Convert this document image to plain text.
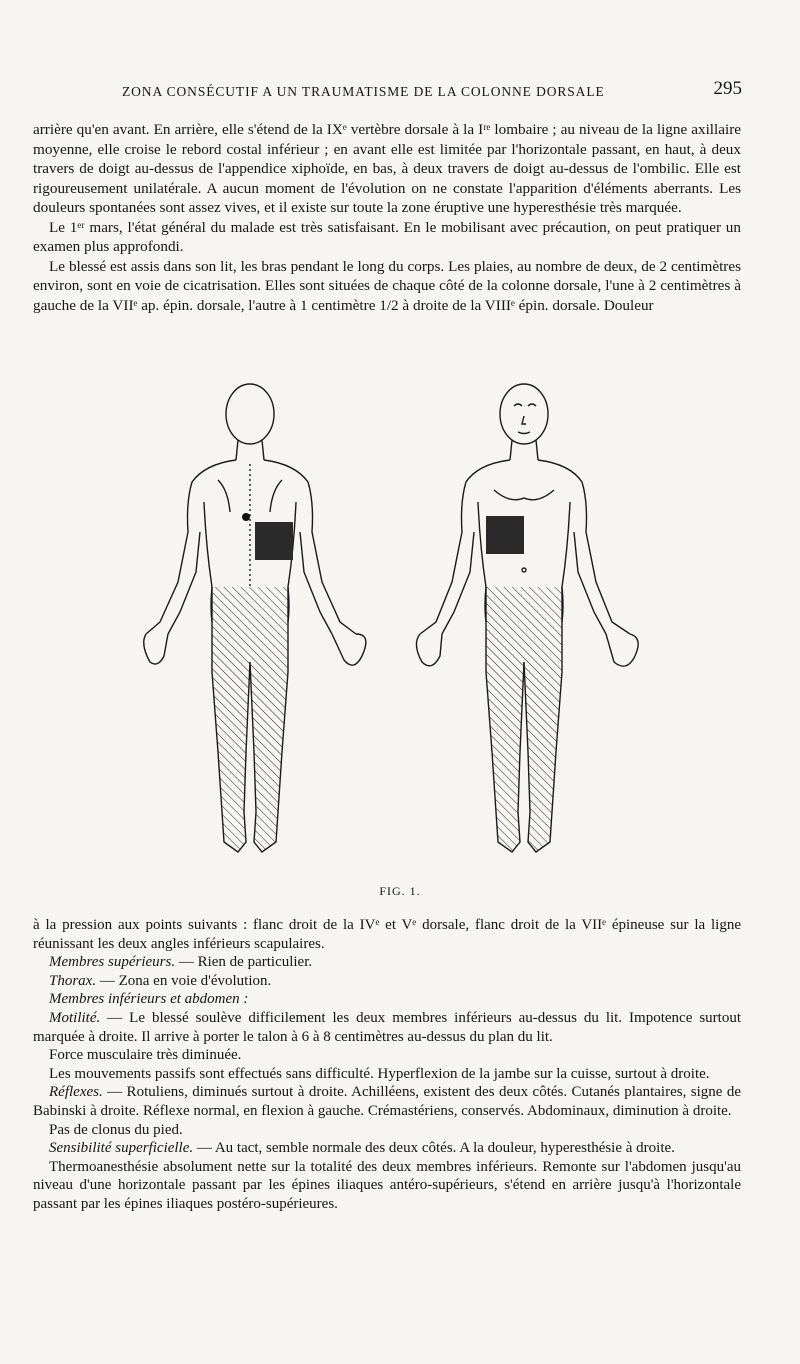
ZONA CONSÉCUTIF A UN TRAUMATISME DE LA COLONNE DORSALE	295

arrière qu'en avant. En arrière, elle s'étend de la IXᵉ vertèbre dorsale à la Iʳᵉ lombaire ; au niveau de la ligne axillaire moyenne, elle croise le rebord costal inférieur ; en avant elle est limitée par l'horizontale passant, en haut, à deux travers de doigt au-dessus de l'appendice xiphoïde, en bas, à deux travers de doigt au-dessus de l'ombilic. Elle est rigoureusement unilatérale. A aucun moment de l'évolution on ne constate l'apparition d'éléments aberrants. Les douleurs spontanées sont assez vives, et il existe sur toute la zone éruptive une hyperesthésie très marquée.

Le 1ᵉʳ mars, l'état général du malade est très satisfaisant. En le mobilisant avec précaution, on peut pratiquer un examen plus approfondi.

Le blessé est assis dans son lit, les bras pendant le long du corps. Les plaies, au nombre de deux, de 2 centimètres environ, sont en voie de cicatrisation. Elles sont situées de chaque côté de la colonne dorsale, l'une à 2 centimètres à gauche de la VIIᵉ ap. épin. dorsale, l'autre à 1 centimètre 1/2 à droite de la VIIIᵉ épin. dorsale. Douleur

FIG. 1.

à la pression aux points suivants : flanc droit de la IVᵉ et Vᵉ dorsale, flanc droit de la VIIᵉ épineuse sur la ligne réunissant les deux angles inférieurs scapulaires.

Membres supérieurs. — Rien de particulier.

Thorax. — Zona en voie d'évolution.

Membres inférieurs et abdomen :

Motilité. — Le blessé soulève difficilement les deux membres inférieurs au-dessus du lit. Impotence surtout marquée à droite. Il arrive à porter le talon à 6 à 8 centimètres au-dessus du plan du lit.

Force musculaire très diminuée.

Les mouvements passifs sont effectués sans difficulté. Hyperflexion de la jambe sur la cuisse, surtout à droite.

Réflexes. — Rotuliens, diminués surtout à droite. Achilléens, existent des deux côtés. Cutanés plantaires, signe de Babinski à droite. Réflexe normal, en flexion à gauche. Crémastériens, conservés. Abdominaux, diminution à droite.

Pas de clonus du pied.

Sensibilité superficielle. — Au tact, semble normale des deux côtés. A la douleur, hyperesthésie à droite.

Thermoanesthésie absolument nette sur la totalité des deux membres inférieurs. Remonte sur l'abdomen jusqu'au niveau d'une horizontale passant par les épines iliaques antéro-supérieurs, s'étend en arrière jusqu'à l'horizontale passant par les épines iliaques postéro-supérieures.
